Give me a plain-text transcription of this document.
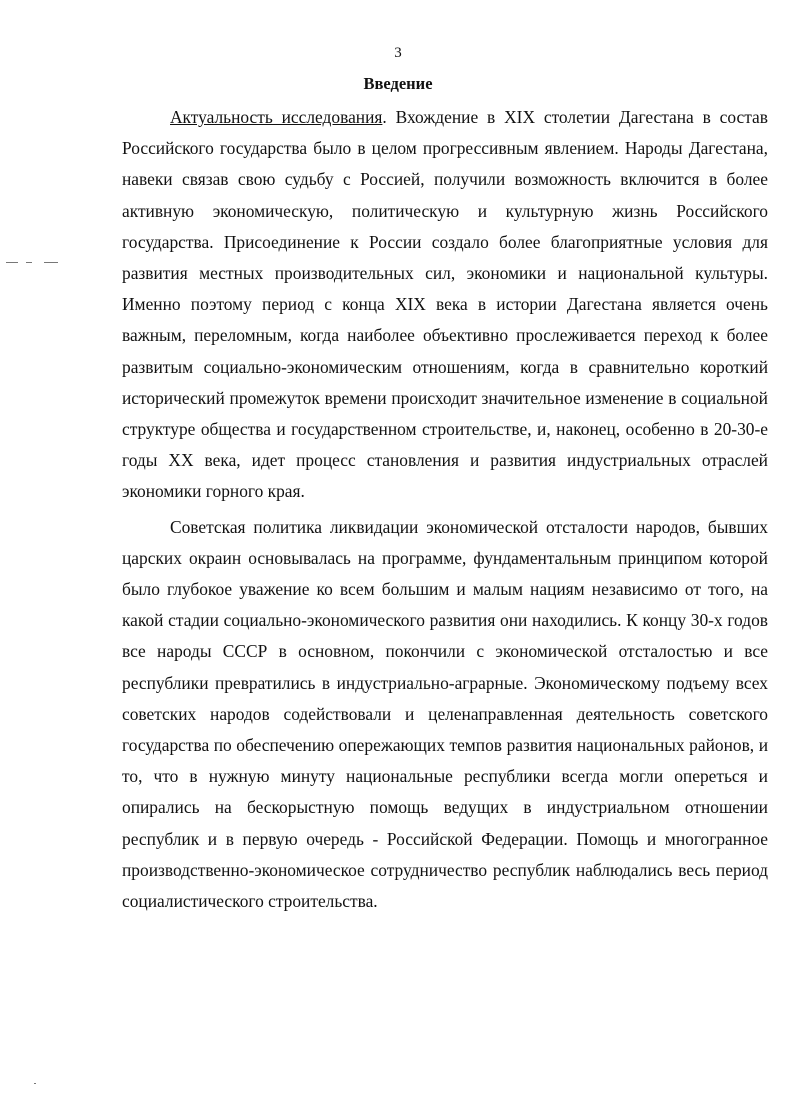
3
Введение

Актуальность исследования. Вхождение в XIX столетии Дагестана в состав Российского государства было в целом прогрессивным явлением. Народы Дагестана, навеки связав свою судьбу с Россией, получили возможность включится в более активную экономическую, политическую и культурную жизнь Российского государства. Присоединение к России создало более благоприятные условия для развития местных производительных сил, экономики и национальной культуры. Именно поэтому период с конца XIX века в истории Дагестана является очень важным, переломным, когда наиболее объективно прослеживается переход к более развитым социально-экономическим отношениям, когда в сравнительно короткий исторический промежуток времени происходит значительное изменение в социальной структуре общества и государственном строительстве, и, наконец, особенно в 20-30-е годы XX века, идет процесс становления и развития индустриальных отраслей экономики горного края.

Советская политика ликвидации экономической отсталости народов, бывших царских окраин основывалась на программе, фундаментальным принципом которой было глубокое уважение ко всем большим и малым нациям независимо от того, на какой стадии социально-экономического развития они находились. К концу 30-х годов все народы СССР в основном, покончили с экономической отсталостью и все республики превратились в индустриально-аграрные. Экономическому подъему всех советских народов содействовали и целенаправленная деятельность советского государства по обеспечению опережающих темпов развития национальных районов, и то, что в нужную минуту национальные республики всегда могли опереться и опирались на бескорыстную помощь ведущих в индустриальном отношении республик и в первую очередь - Российской Федерации. Помощь и многогранное производственно-экономическое сотрудничество республик наблюдались весь период социалистического строительства.
